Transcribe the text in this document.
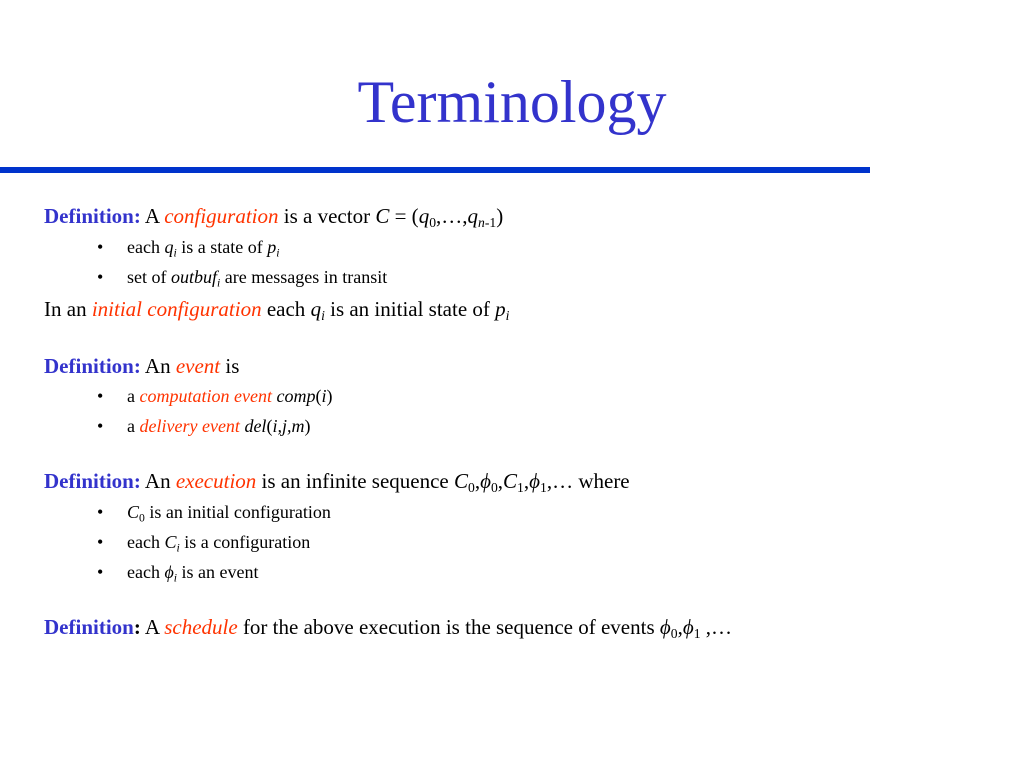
Terminology
Definition: A configuration is a vector $C = (q_0,\dots,q_{n-1})$
• each $q_i$ is a state of $p_i$
• set of outbuf$_i$ are messages in transit
In an initial configuration each $q_i$ is an initial state of $p_i$
Definition: An event is
• a computation event comp(i)
• a delivery event del(i,j,m)
Definition: An execution is an infinite sequence $C_0,\phi_0,C_1,\phi_1,\dots$ where
• $C_0$ is an initial configuration
• each $C_i$ is a configuration
• each $\phi_i$ is an event
Definition: A schedule for the above execution is the sequence of events $\phi_0,\phi_1$ ,…
